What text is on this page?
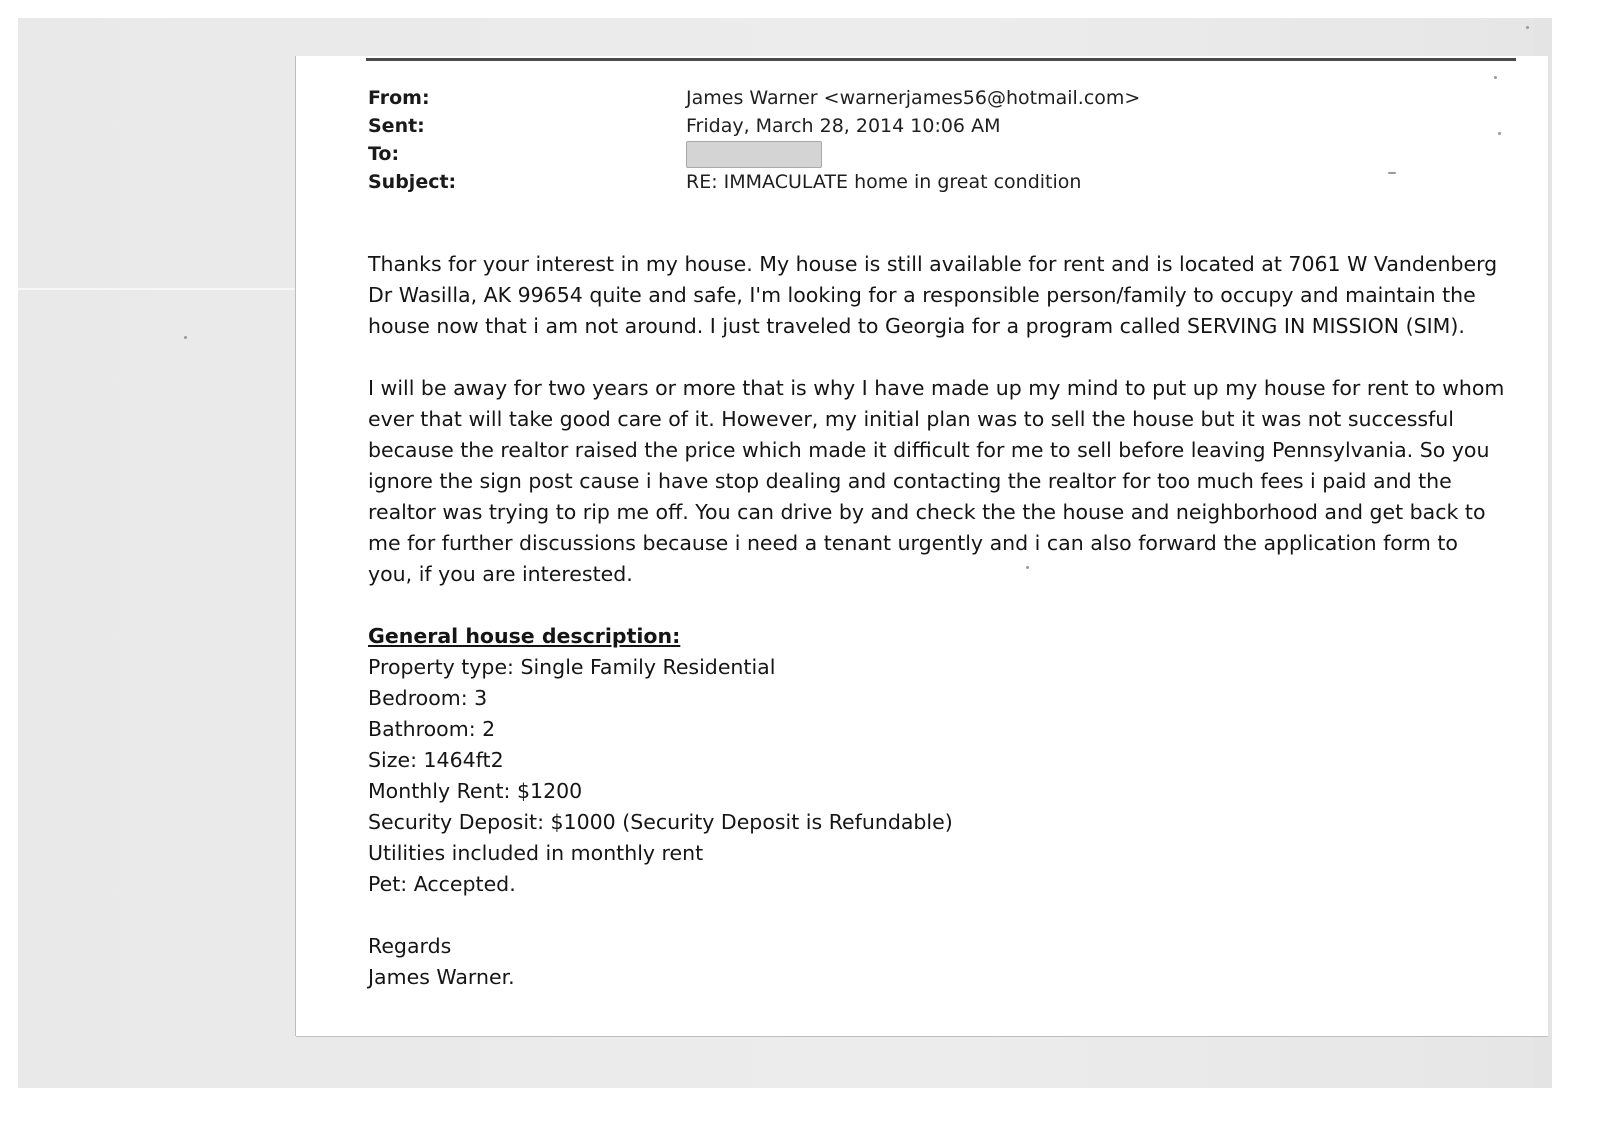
From:	James Warner <warnerjames56@hotmail.com>
Sent:	Friday, March 28, 2014 10:06 AM
To:
Subject:	RE: IMMACULATE home in great condition

Thanks for your interest in my house. My house is still available for rent and is located at 7061 W Vandenberg Dr Wasilla, AK 99654 quite and safe, I'm looking for a responsible person/family to occupy and maintain the house now that i am not around. I just traveled to Georgia for a program called SERVING IN MISSION (SIM).

I will be away for two years or more that is why I have made up my mind to put up my house for rent to whom ever that will take good care of it. However, my initial plan was to sell the house but it was not successful because the realtor raised the price which made it difficult for me to sell before leaving Pennsylvania. So you ignore the sign post cause i have stop dealing and contacting the realtor for too much fees i paid and the realtor was trying to rip me off. You can drive by and check the the house and neighborhood and get back to me for further discussions because i need a tenant urgently and i can also forward the application form to you, if you are interested.

General house description:

Property type: Single Family Residential

Bedroom: 3

Bathroom: 2

Size: 1464ft2

Monthly Rent: $1200

Security Deposit: $1000 (Security Deposit is Refundable)

Utilities included in monthly rent

Pet: Accepted.

Regards

James Warner.
